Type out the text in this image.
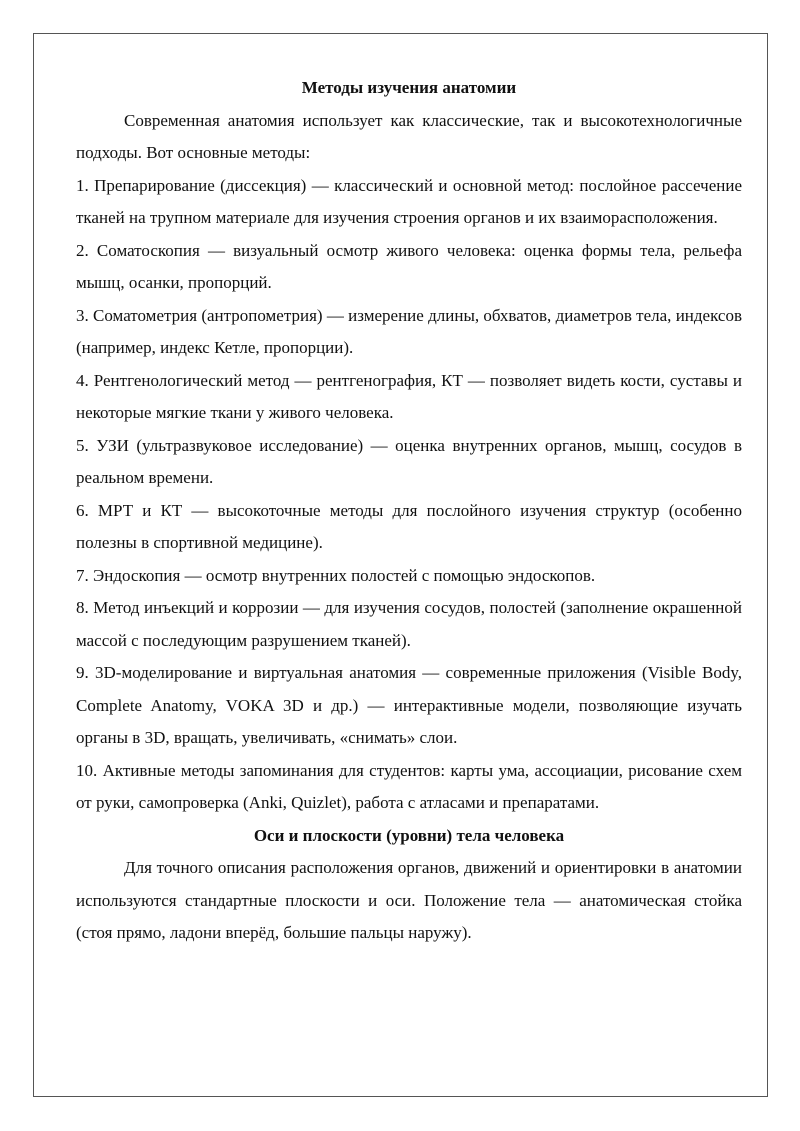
Методы изучения анатомии

Современная анатомия использует как классические, так и высокотехнологичные подходы. Вот основные методы:

1. Препарирование (диссекция) — классический и основной метод: послойное рассечение тканей на трупном материале для изучения строения органов и их взаиморасположения.

2. Соматоскопия — визуальный осмотр живого человека: оценка формы тела, рельефа мышц, осанки, пропорций.

3. Соматометрия (антропометрия) — измерение длины, обхватов, диаметров тела, индексов (например, индекс Кетле, пропорции).

4. Рентгенологический метод — рентгенография, КТ — позволяет видеть кости, суставы и некоторые мягкие ткани у живого человека.

5. УЗИ (ультразвуковое исследование) — оценка внутренних органов, мышц, сосудов в реальном времени.

6. МРТ и КТ — высокоточные методы для послойного изучения структур (особенно полезны в спортивной медицине).

7. Эндоскопия — осмотр внутренних полостей с помощью эндоскопов.

8. Метод инъекций и коррозии — для изучения сосудов, полостей (заполнение окрашенной массой с последующим разрушением тканей).

9. 3D-моделирование и виртуальная анатомия — современные приложения (Visible Body, Complete Anatomy, VOKA 3D и др.) — интерактивные модели, позволяющие изучать органы в 3D, вращать, увеличивать, «снимать» слои.

10. Активные методы запоминания для студентов: карты ума, ассоциации, рисование схем от руки, самопроверка (Anki, Quizlet), работа с атласами и препаратами.

Оси и плоскости (уровни) тела человека

Для точного описания расположения органов, движений и ориентировки в анатомии используются стандартные плоскости и оси. Положение тела — анатомическая стойка (стоя прямо, ладони вперёд, большие пальцы наружу).
